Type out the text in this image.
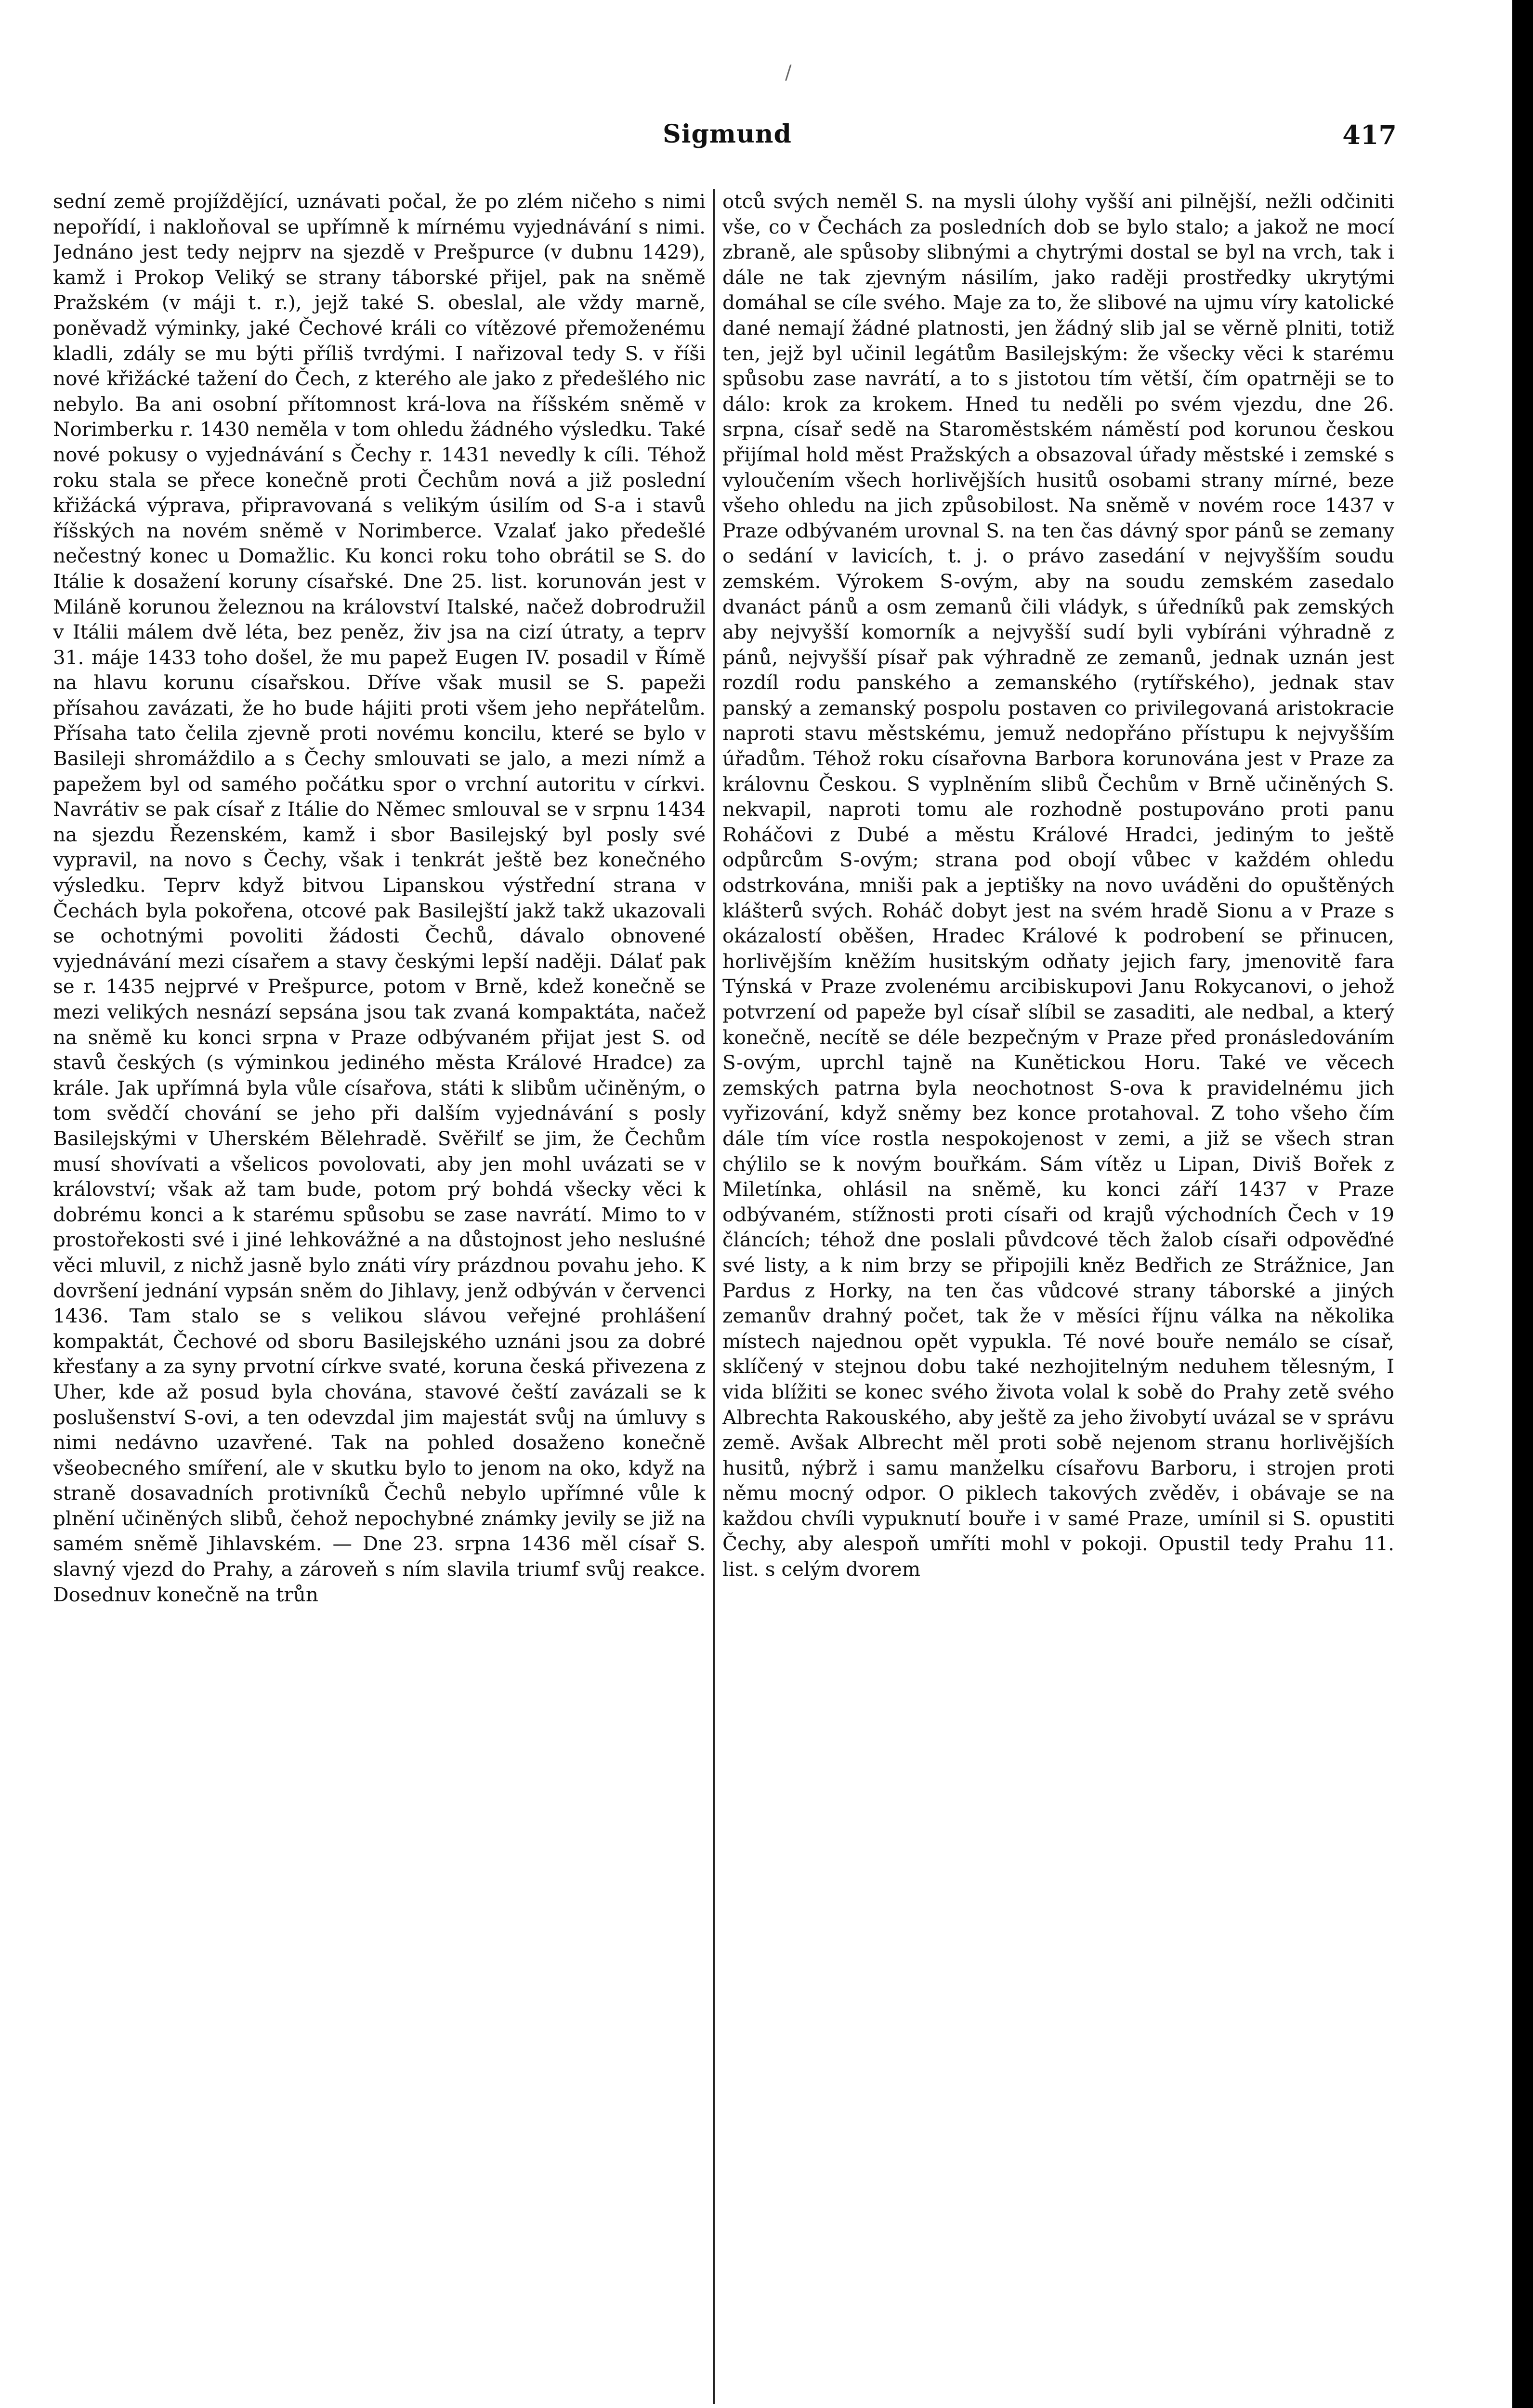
/
Sigmund	417

sední země projíždějící, uznávati počal, že po zlém ničeho s nimi nepořídí, i nakloňoval se upřímně k mírnému vyjednávání s nimi. Jednáno jest tedy nejprv na sjezdě v Prešpurce (v dubnu 1429), kamž i Prokop Veliký se strany táborské přijel, pak na sněmě Pražském (v máji t. r.), jejž také S. obeslal, ale vždy marně, poněvadž výminky, jaké Čechové králi co vítězové přemoženému kladli, zdály se mu býti příliš tvrdými. I nařizoval tedy S. v říši nové křižácké tažení do Čech, z kterého ale jako z předešlého nic nebylo. Ba ani osobní přítomnost krá-lova na říšském sněmě v Norimberku r. 1430 neměla v tom ohledu žádného výsledku. Také nové pokusy o vyjednávání s Čechy r. 1431 nevedly k cíli. Téhož roku stala se přece konečně proti Čechům nová a již poslední křižácká výprava, připravovaná s velikým úsilím od S-a i stavů říšských na novém sněmě v Norimberce. Vzalať jako předešlé nečestný konec u Domažlic. Ku konci roku toho obrátil se S. do Itálie k dosažení koruny císařské. Dne 25. list. korunován jest v Miláně korunou železnou na království Italské, načež dobrodružil v Itálii málem dvě léta, bez peněz, živ jsa na cizí útraty, a teprv 31. máje 1433 toho došel, že mu papež Eugen IV. posadil v Římě na hlavu korunu císařskou. Dříve však musil se S. papeži přísahou zavázati, že ho bude hájiti proti všem jeho nepřátelům. Přísaha tato čelila zjevně proti novému koncilu, které se bylo v Basileji shromáždilo a s Čechy smlouvati se jalo, a mezi nímž a papežem byl od samého počátku spor o vrchní autoritu v církvi. Navrátiv se pak císař z Itálie do Němec smlouval se v srpnu 1434 na sjezdu Řezenském, kamž i sbor Basilejský byl posly své vypravil, na novo s Čechy, však i tenkrát ještě bez konečného výsledku. Teprv když bitvou Lipanskou výstřední strana v Čechách byla pokořena, otcové pak Basilejští jakž takž ukazovali se ochotnými povoliti žádosti Čechů, dávalo obnovené vyjednávání mezi císařem a stavy českými lepší naději. Dálať pak se r. 1435 nejprvé v Prešpurce, potom v Brně, kdež konečně se mezi velikých nesnází sepsána jsou tak zvaná kompaktáta, načež na sněmě ku konci srpna v Praze odbývaném přijat jest S. od stavů českých (s výminkou jediného města Králové Hradce) za krále. Jak upřímná byla vůle císařova, státi k slibům učiněným, o tom svědčí chování se jeho při dalším vyjednávání s posly Basilejskými v Uherském Bělehradě. Svěřilť se jim, že Čechům musí shovívati a všelicos povolovati, aby jen mohl uvázati se v království; však až tam bude, potom prý bohdá všecky věci k dobrému konci a k starému spůsobu se zase navrátí. Mimo to v prostořekosti své i jiné lehkovážné a na důstojnost jeho nesluśné věci mluvil, z nichž jasně bylo znáti víry prázdnou povahu jeho. K dovršení jednání vypsán sněm do Jihlavy, jenž odbýván v červenci 1436. Tam stalo se s velikou slávou veřejné prohlášení kompaktát, Čechové od sboru Basilejského uznáni jsou za dobré křesťany a za syny prvotní církve svaté, koruna česká přivezena z Uher, kde až posud byla chována, stavové čeští zavázali se k poslušenství S-ovi, a ten odevzdal jim majestát svůj na úmluvy s nimi nedávno uzavřené. Tak na pohled dosaženo konečně všeobecného smíření, ale v skutku bylo to jenom na oko, když na straně dosavadních protivníků Čechů nebylo upřímné vůle k plnění učiněných slibů, čehož nepochybné známky jevily se již na samém sněmě Jihlavském. — Dne 23. srpna 1436 měl císař S. slavný vjezd do Prahy, a zároveň s ním slavila triumf svůj reakce. Dosednuv konečně na trůn

otců svých neměl S. na mysli úlohy vyšší ani pilnější, nežli odčiniti vše, co v Čechách za posledních dob se bylo stalo; a jakož ne mocí zbraně, ale spůsoby slibnými a chytrými dostal se byl na vrch, tak i dále ne tak zjevným násilím, jako raději prostředky ukrytými domáhal se cíle svého. Maje za to, že slibové na ujmu víry katolické dané nemají žádné platnosti, jen žádný slib jal se věrně plniti, totiž ten, jejž byl učinil legátům Basilejským: že všecky věci k starému spůsobu zase navrátí, a to s jistotou tím větší, čím opatrněji se to dálo: krok za krokem. Hned tu neděli po svém vjezdu, dne 26. srpna, císař sedě na Staroměstském náměstí pod korunou českou přijímal hold měst Pražských a obsazoval úřady městské i zemské s vyloučením všech horlivějších husitů osobami strany mírné, beze všeho ohledu na jich způsobilost. Na sněmě v novém roce 1437 v Praze odbývaném urovnal S. na ten čas dávný spor pánů se zemany o sedání v lavicích, t. j. o právo zasedání v nejvyšším soudu zemském. Výrokem S-ovým, aby na soudu zemském zasedalo dvanáct pánů a osm zemanů čili vládyk, s úředníků pak zemských aby nejvyšší komorník a nejvyšší sudí byli vybíráni výhradně z pánů, nejvyšší písař pak výhradně ze zemanů, jednak uznán jest rozdíl rodu panského a zemanského (rytířského), jednak stav panský a zemanský pospolu postaven co privilegovaná aristokracie naproti stavu městskému, jemuž nedopřáno přístupu k nejvyšším úřadům. Téhož roku císařovna Barbora korunována jest v Praze za královnu Českou. S vyplněním slibů Čechům v Brně učiněných S. nekvapil, naproti tomu ale rozhodně postupováno proti panu Roháčovi z Dubé a městu Králové Hradci, jediným to ještě odpůrcům S-ovým; strana pod obojí vůbec v každém ohledu odstrkována, mniši pak a jeptišky na novo uváděni do opuštěných klášterů svých. Roháč dobyt jest na svém hradě Sionu a v Praze s okázalostí oběšen, Hradec Králové k podrobení se přinucen, horlivějším kněžím husitským odňaty jejich fary, jmenovitě fara Týnská v Praze zvolenému arcibiskupovi Janu Rokycanovi, o jehož potvrzení od papeže byl císař slíbil se zasaditi, ale nedbal, a který konečně, necítě se déle bezpečným v Praze před pronásledováním S-ovým, uprchl tajně na Kunětickou Horu. Také ve věcech zemských patrna byla neochotnost S-ova k pravidelnému jich vyřizování, když sněmy bez konce protahoval. Z toho všeho čím dále tím více rostla nespokojenost v zemi, a již se všech stran chýlilo se k novým bouřkám. Sám vítěz u Lipan, Diviš Bořek z Miletínka, ohlásil na sněmě, ku konci září 1437 v Praze odbývaném, stížnosti proti císaři od krajů východních Čech v 19 článcích; téhož dne poslali půvdcové těch žalob císaři odpověďné své listy, a k nim brzy se připojili kněz Bedřich ze Strážnice, Jan Pardus z Horky, na ten čas vůdcové strany táborské a jiných zemanův drahný počet, tak že v měsíci říjnu válka na několika místech najednou opět vypukla. Té nové bouře nemálo se císař, sklíčený v stejnou dobu také nezhojitelným neduhem tělesným, I vida blížiti se konec svého života volal k sobě do Prahy zetě svého Albrechta Rakouského, aby ještě za jeho živobytí uvázal se v správu země. Avšak Albrecht měl proti sobě nejenom stranu horlivějších husitů, nýbrž i samu manželku císařovu Barboru, i strojen proti němu mocný odpor. O piklech takových zvěděv, i obávaje se na každou chvíli vypuknutí bouře i v samé Praze, umínil si S. opustiti Čechy, aby alespoň umříti mohl v pokoji. Opustil tedy Prahu 11. list. s celým dvorem
